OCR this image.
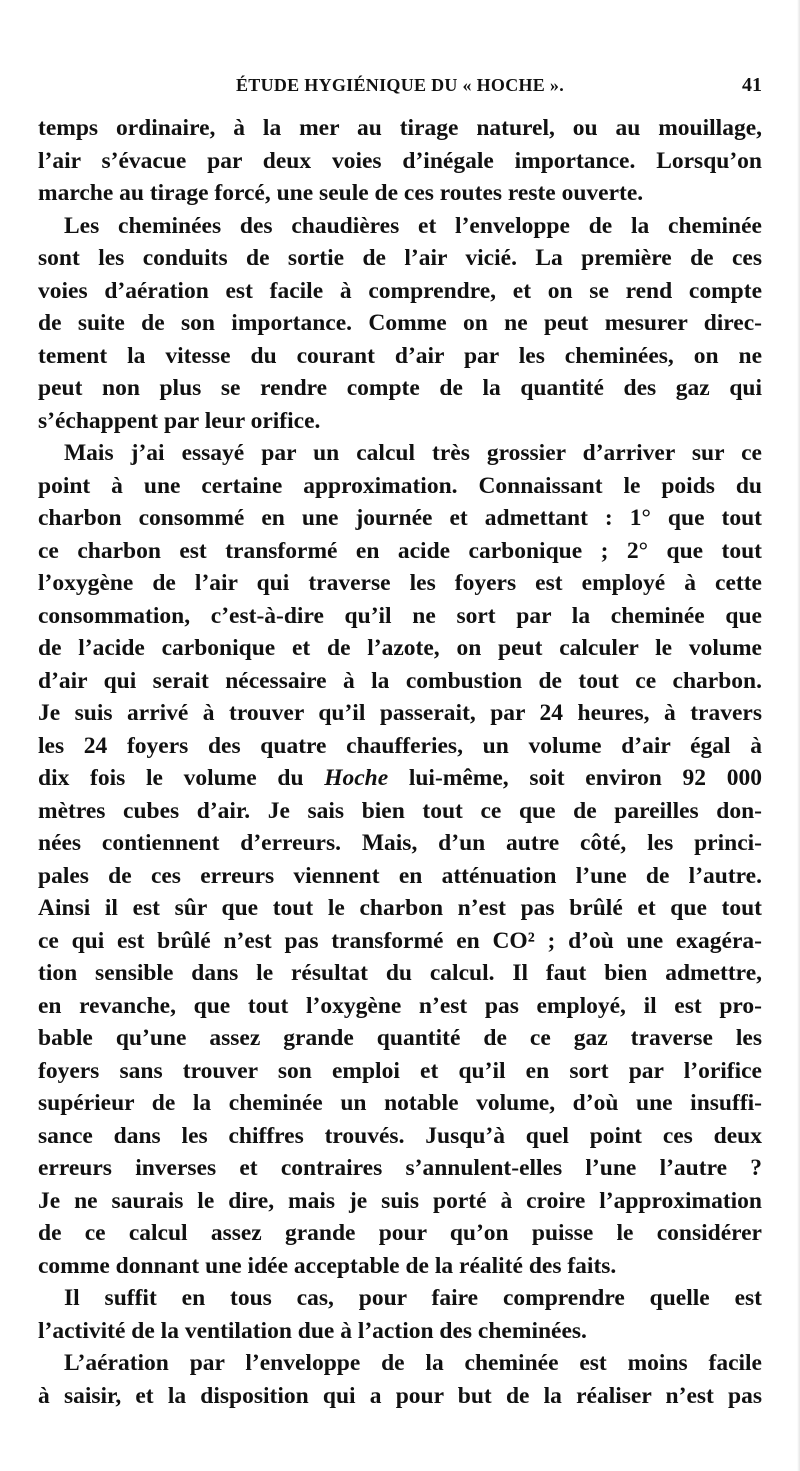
ÉTUDE HYGIÉNIQUE DU « HOCHE ».	41
temps ordinaire, à la mer au tirage naturel, ou au mouillage,
l’air s’évacue par deux voies d’inégale importance. Lorsqu’on
marche au tirage forcé, une seule de ces routes reste ouverte.
Les cheminées des chaudières et l’enveloppe de la cheminée
sont les conduits de sortie de l’air vicié. La première de ces
voies d’aération est facile à comprendre, et on se rend compte
de suite de son importance. Comme on ne peut mesurer direc-
tement la vitesse du courant d’air par les cheminées, on ne
peut non plus se rendre compte de la quantité des gaz qui
s’échappent par leur orifice.
Mais j’ai essayé par un calcul très grossier d’arriver sur ce
point à une certaine approximation. Connaissant le poids du
charbon consommé en une journée et admettant : 1° que tout
ce charbon est transformé en acide carbonique ; 2° que tout
l’oxygène de l’air qui traverse les foyers est employé à cette
consommation, c’est-à-dire qu’il ne sort par la cheminée que
de l’acide carbonique et de l’azote, on peut calculer le volume
d’air qui serait nécessaire à la combustion de tout ce charbon.
Je suis arrivé à trouver qu’il passerait, par 24 heures, à travers
les 24 foyers des quatre chaufferies, un volume d’air égal à
dix fois le volume du Hoche lui-même, soit environ 92 000
mètres cubes d’air. Je sais bien tout ce que de pareilles don-
nées contiennent d’erreurs. Mais, d’un autre côté, les princi-
pales de ces erreurs viennent en atténuation l’une de l’autre.
Ainsi il est sûr que tout le charbon n’est pas brûlé et que tout
ce qui est brûlé n’est pas transformé en CO² ; d’où une exagéra-
tion sensible dans le résultat du calcul. Il faut bien admettre,
en revanche, que tout l’oxygène n’est pas employé, il est pro-
bable qu’une assez grande quantité de ce gaz traverse les
foyers sans trouver son emploi et qu’il en sort par l’orifice
supérieur de la cheminée un notable volume, d’où une insuffi-
sance dans les chiffres trouvés. Jusqu’à quel point ces deux
erreurs inverses et contraires s’annulent-elles l’une l’autre ?
Je ne saurais le dire, mais je suis porté à croire l’approximation
de ce calcul assez grande pour qu’on puisse le considérer
comme donnant une idée acceptable de la réalité des faits.
Il suffit en tous cas, pour faire comprendre quelle est
l’activité de la ventilation due à l’action des cheminées.
L’aération par l’enveloppe de la cheminée est moins facile
à saisir, et la disposition qui a pour but de la réaliser n’est pas
